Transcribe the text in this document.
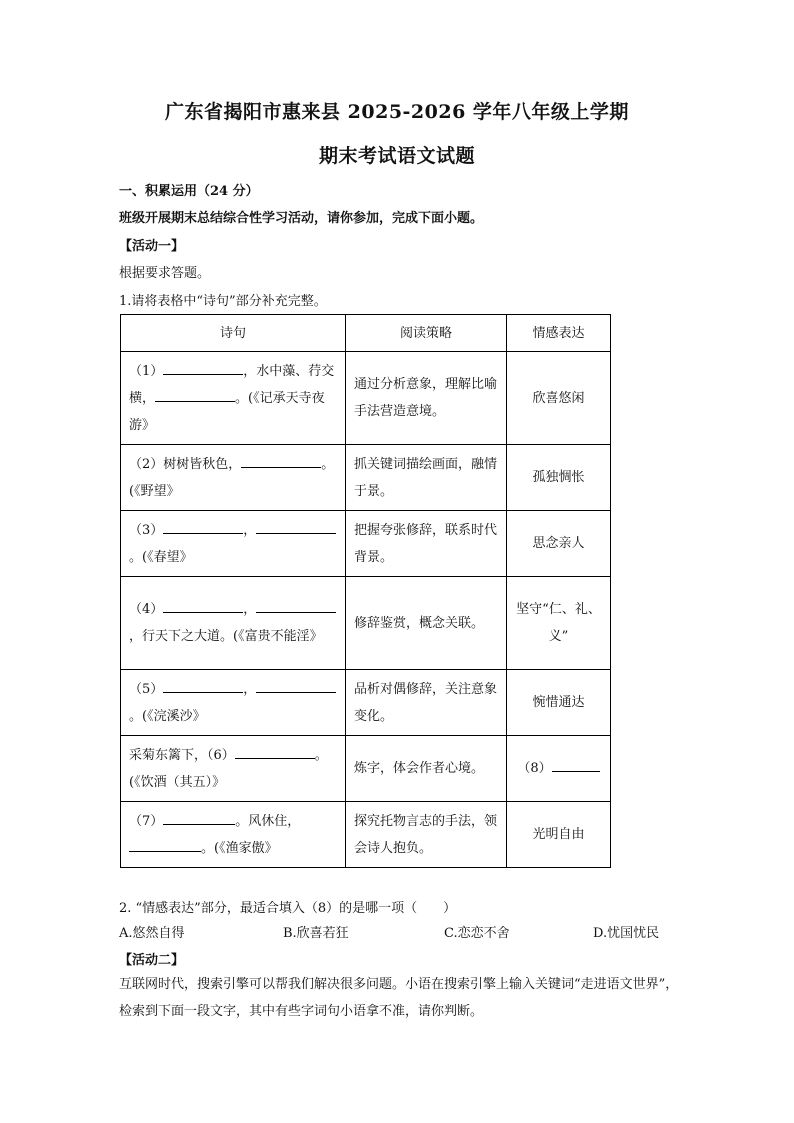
广东省揭阳市惠来县 2025-2026 学年八年级上学期
期末考试语文试题
一、积累运用（24 分）
班级开展期末总结综合性学习活动，请你参加，完成下面小题。
【活动一】
根据要求答题。
1.请将表格中“诗句”部分补充完整。
诗句	阅读策略	情感表达
（1） ，水中藻、荇交横， 。(《记承天寺夜游》	通过分析意象，理解比喻手法营造意境。	欣喜悠闲
（2）树树皆秋色， 。(《野望》	抓关键词描绘画面，融情于景。	孤独惆怅
（3） ，。(《春望》	把握夸张修辞，联系时代背景。	思念亲人
（4） ，，行天下之大道。(《富贵不能淫》	修辞鉴赏，概念关联。	坚守“仁、礼、义”
（5） ，。(《浣溪沙》	品析对偶修辞，关注意象变化。	惋惜通达
采菊东篱下，（6） 。(《饮酒（其五）》	炼字，体会作者心境。	（8）
（7） 。风休住，。(《渔家傲》	探究托物言志的手法，领会诗人抱负。	光明自由
2. “情感表达”部分，最适合填入（8）的是哪一项（　　）
A.悠然自得	B.欣喜若狂	C.恋恋不舍	D.忧国忧民
【活动二】
互联网时代，搜索引擎可以帮我们解决很多问题。小语在搜索引擎上输入关键词“走进语文世界”，检索到下面一段文字，其中有些字词句小语拿不准，请你判断。
